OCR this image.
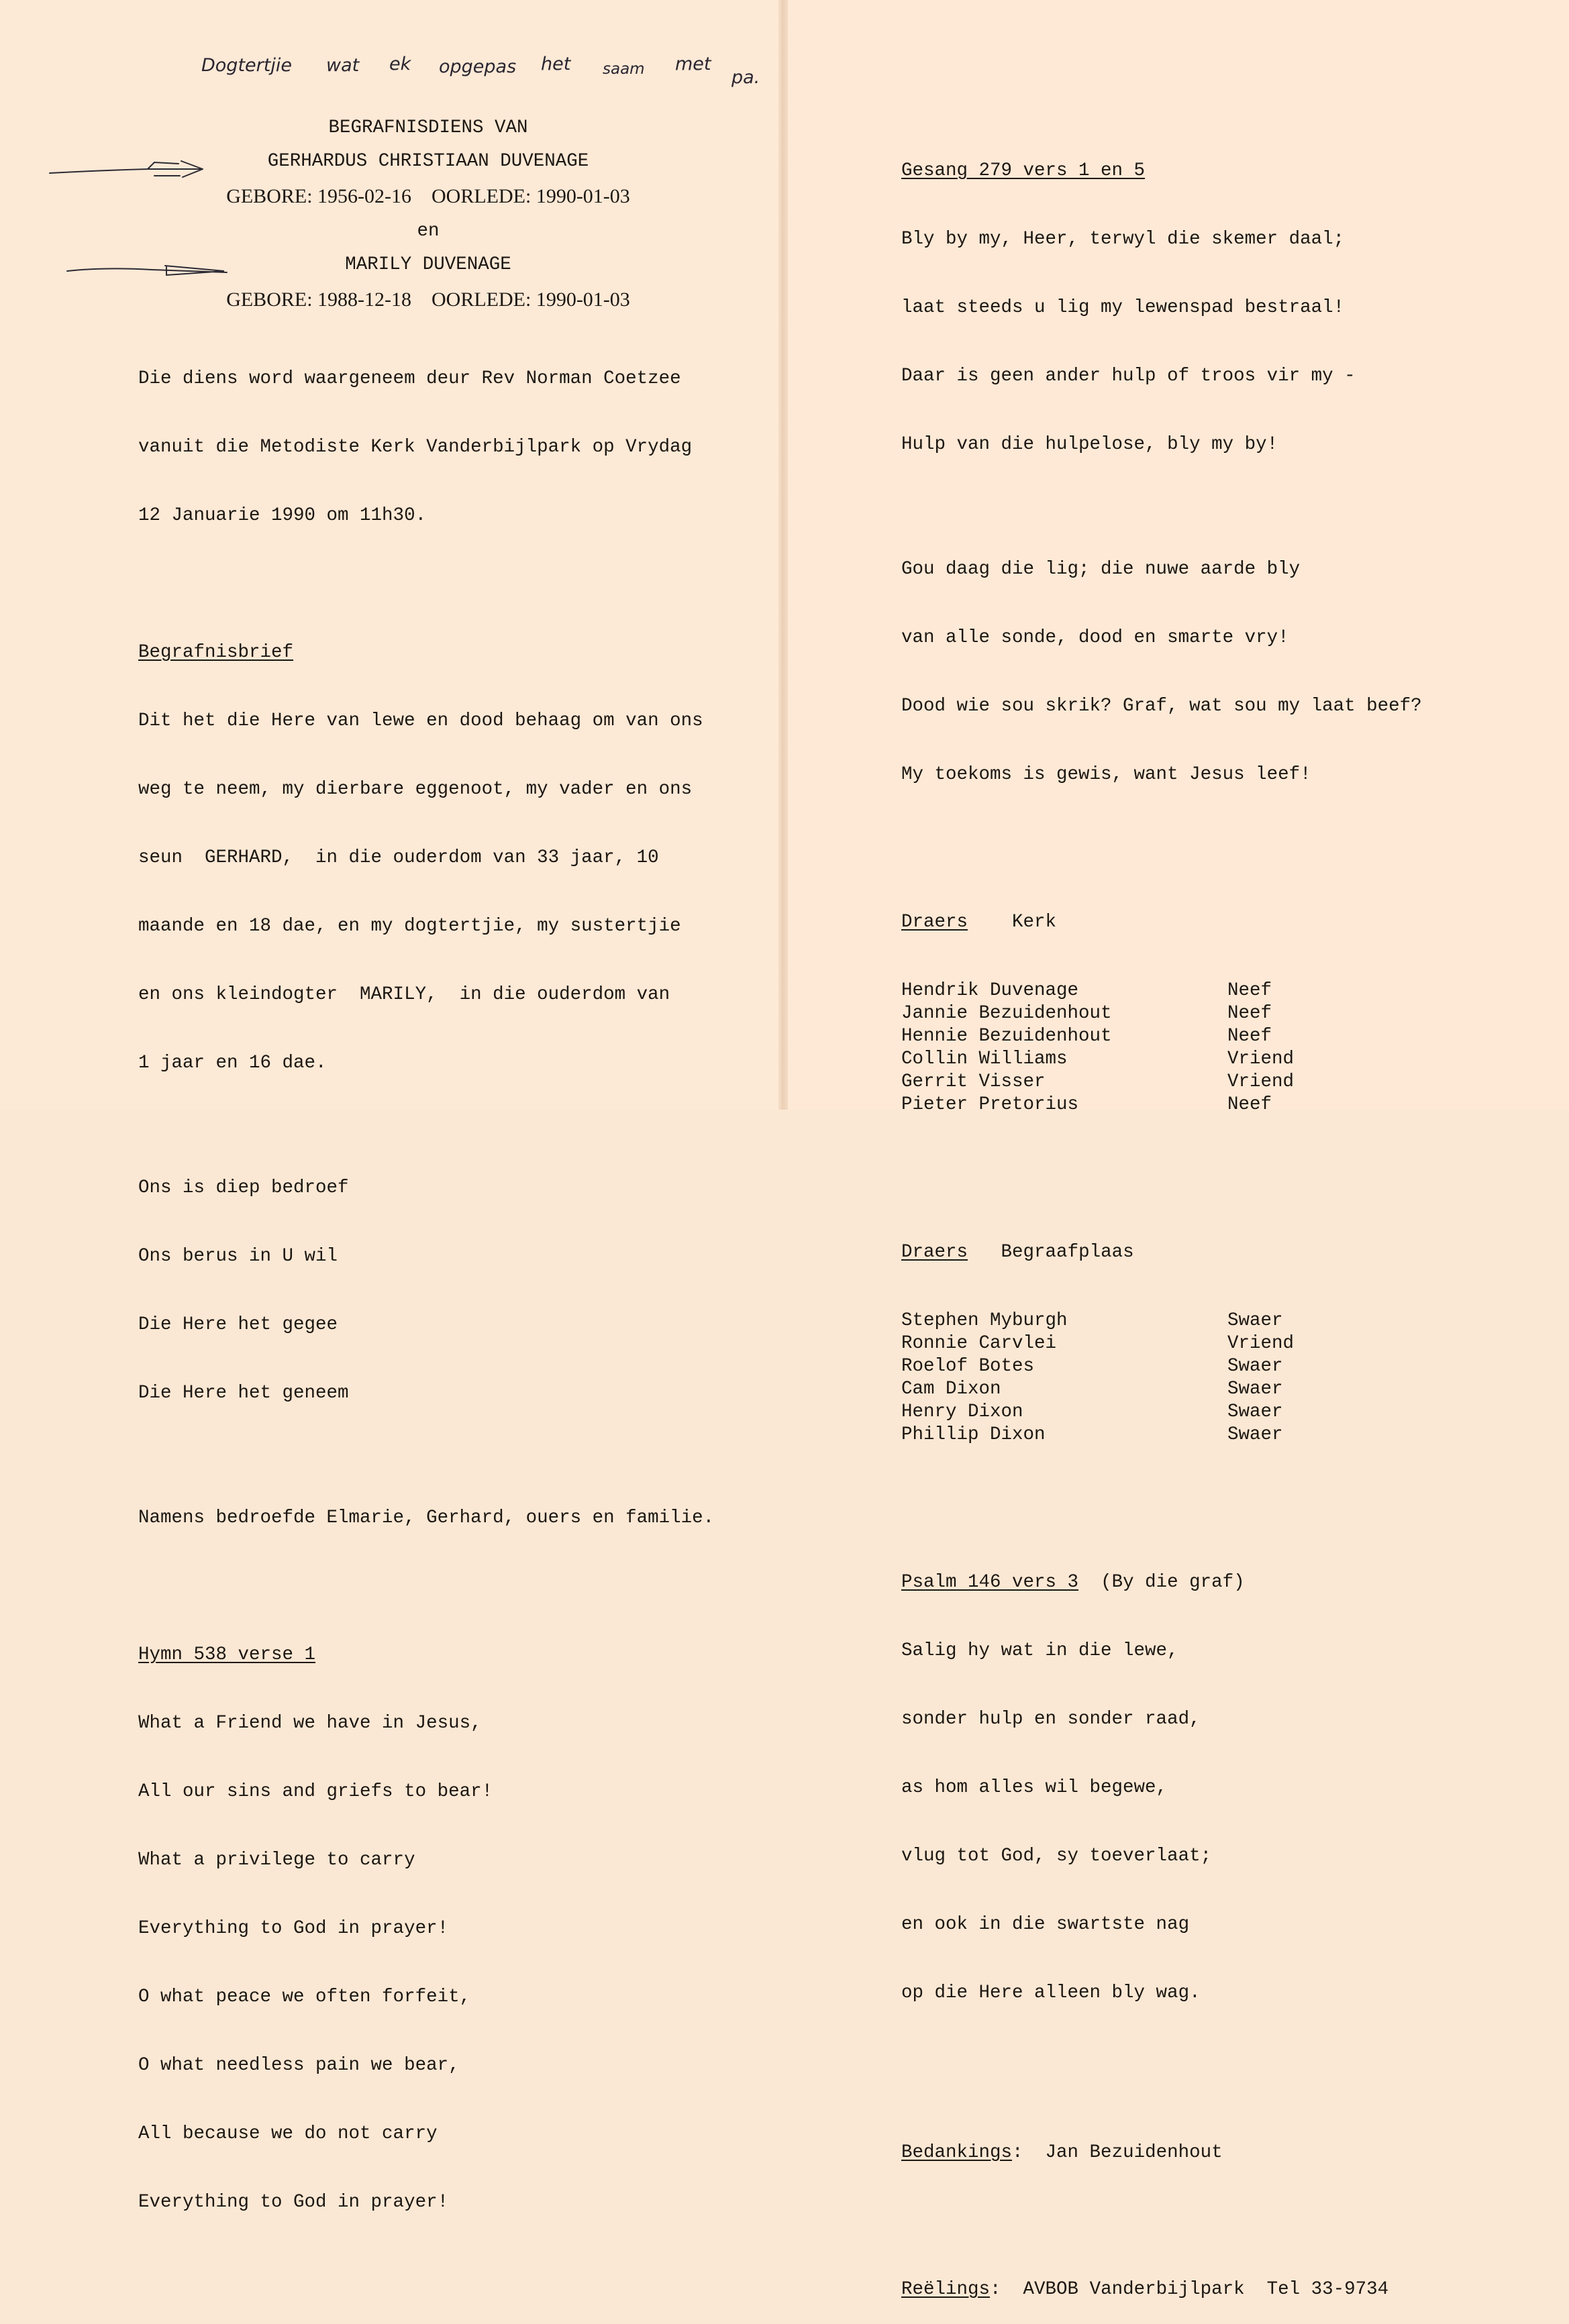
Dogtertjie wat ek opgepas het saam met
pa.
BEGRAFNISDIENS VAN
GERHARDUS CHRISTIAAN DUVENAGE
GEBORE: 1956-02-16    OORLEDE: 1990-01-03
en
MARILY DUVENAGE
GEBORE: 1988-12-18    OORLEDE: 1990-01-03

Die diens word waargeneem deur Rev Norman Coetzee

vanuit die Metodiste Kerk Vanderbijlpark op Vrydag

12 Januarie 1990 om 11h30.

Begrafnisbrief

Dit het die Here van lewe en dood behaag om van ons

weg te neem, my dierbare eggenoot, my vader en ons

seun  GERHARD,  in die ouderdom van 33 jaar, 10

maande en 18 dae, en my dogtertjie, my sustertjie

en ons kleindogter  MARILY,  in die ouderdom van

1 jaar en 16 dae.

Ons is diep bedroef

Ons berus in U wil

Die Here het gegee

Die Here het geneem

Namens bedroefde Elmarie, Gerhard, ouers en familie.

Hymn 538 verse 1

What a Friend we have in Jesus,

All our sins and griefs to bear!

What a privilege to carry

Everything to God in prayer!

O what peace we often forfeit,

O what needless pain we bear,

All because we do not carry

Everything to God in prayer!

Gesang 279 vers 1 en 5

Bly by my, Heer, terwyl die skemer daal;

laat steeds u lig my lewenspad bestraal!

Daar is geen ander hulp of troos vir my -

Hulp van die hulpelose, bly my by!

Gou daag die lig; die nuwe aarde bly

van alle sonde, dood en smarte vry!

Dood wie sou skrik? Graf, wat sou my laat beef?

My toekoms is gewis, want Jesus leef!

Draers Kerk

Hendrik Duvenage	Neef
Jannie Bezuidenhout	Neef
Hennie Bezuidenhout	Neef
Collin Williams	Vriend
Gerrit Visser	Vriend
Pieter Pretorius	Neef

Draers Begraafplaas

Stephen Myburgh	Swaer
Ronnie Carvlei	Vriend
Roelof Botes	Swaer
Cam Dixon	Swaer
Henry Dixon	Swaer
Phillip Dixon	Swaer

Psalm 146 vers 3 (By die graf)

Salig hy wat in die lewe,

sonder hulp en sonder raad,

as hom alles wil begewe,

vlug tot God, sy toeverlaat;

en ook in die swartste nag

op die Here alleen bly wag.

Bedankings:  Jan Bezuidenhout

Reëlings:  AVBOB Vanderbijlpark  Tel 33-9734
